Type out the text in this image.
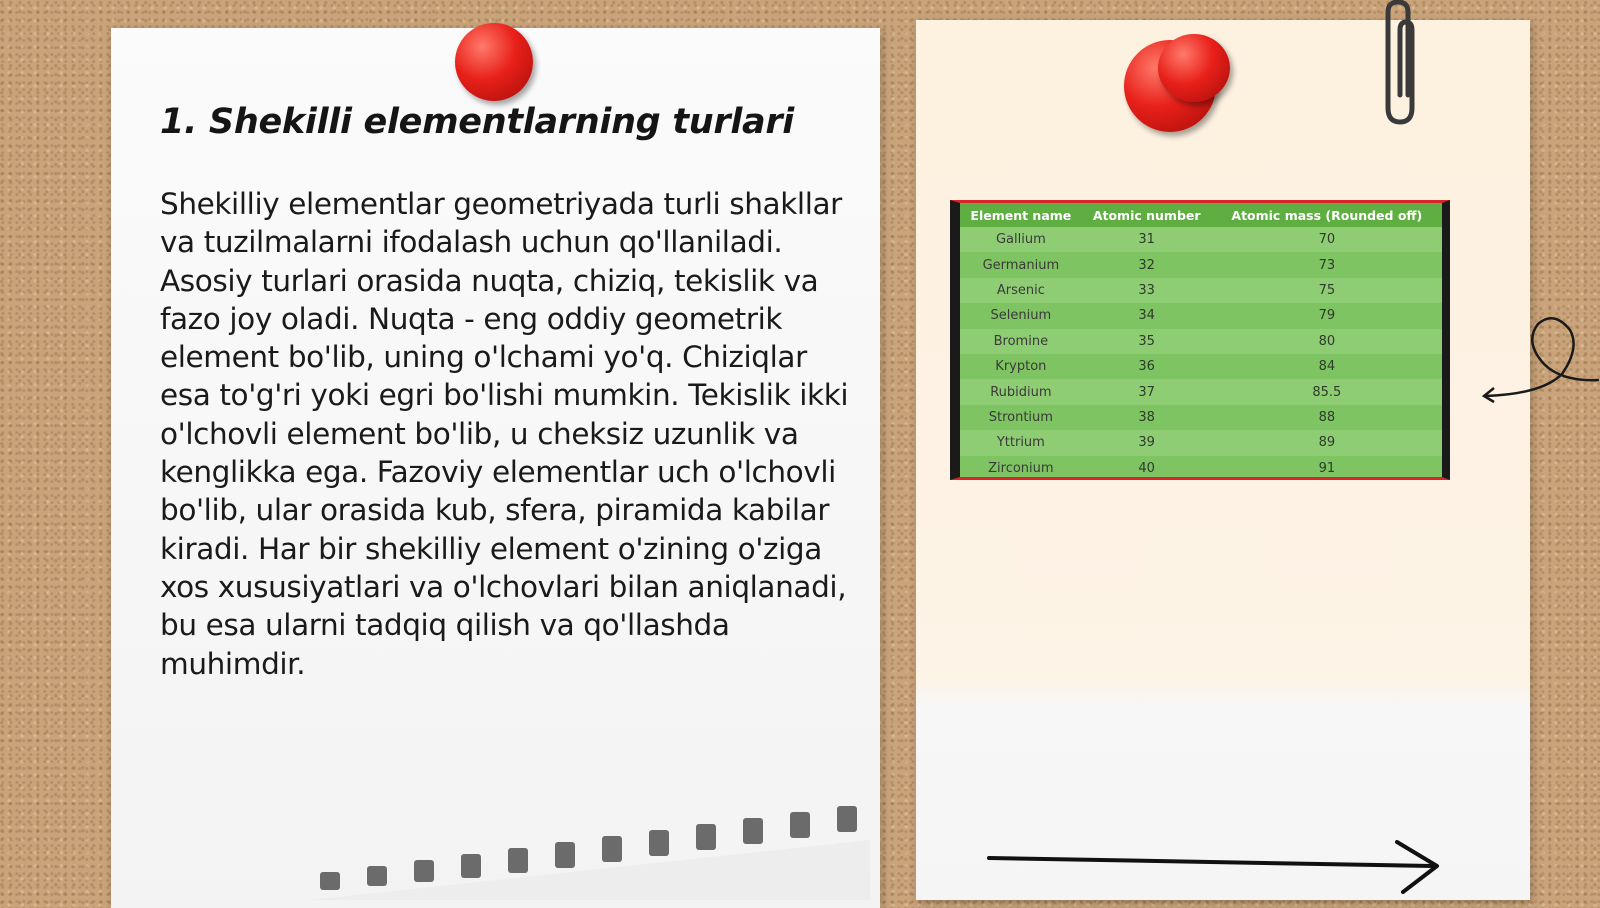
1. Shekilli elementlarning turlari

Shekilliy elementlar geometriyada turli shakllar va tuzilmalarni ifodalash uchun qo'llaniladi. Asosiy turlari orasida nuqta, chiziq, tekislik va fazo joy oladi. Nuqta - eng oddiy geometrik element bo'lib, uning o'lchami yo'q. Chiziqlar esa to'g'ri yoki egri bo'lishi mumkin. Tekislik ikki o'lchovli element bo'lib, u cheksiz uzunlik va kenglikka ega. Fazoviy elementlar uch o'lchovli bo'lib, ular orasida kub, sfera, piramida kabilar kiradi. Har bir shekilliy element o'zining o'ziga xos xususiyatlari va o'lchovlari bilan aniqlanadi, bu esa ularni tadqiq qilish va qo'llashda muhimdir.

Element name	Atomic number	Atomic mass (Rounded off)
Gallium	31	70
Germanium	32	73
Arsenic	33	75
Selenium	34	79
Bromine	35	80
Krypton	36	84
Rubidium	37	85.5
Strontium	38	88
Yttrium	39	89
Zirconium	40	91
